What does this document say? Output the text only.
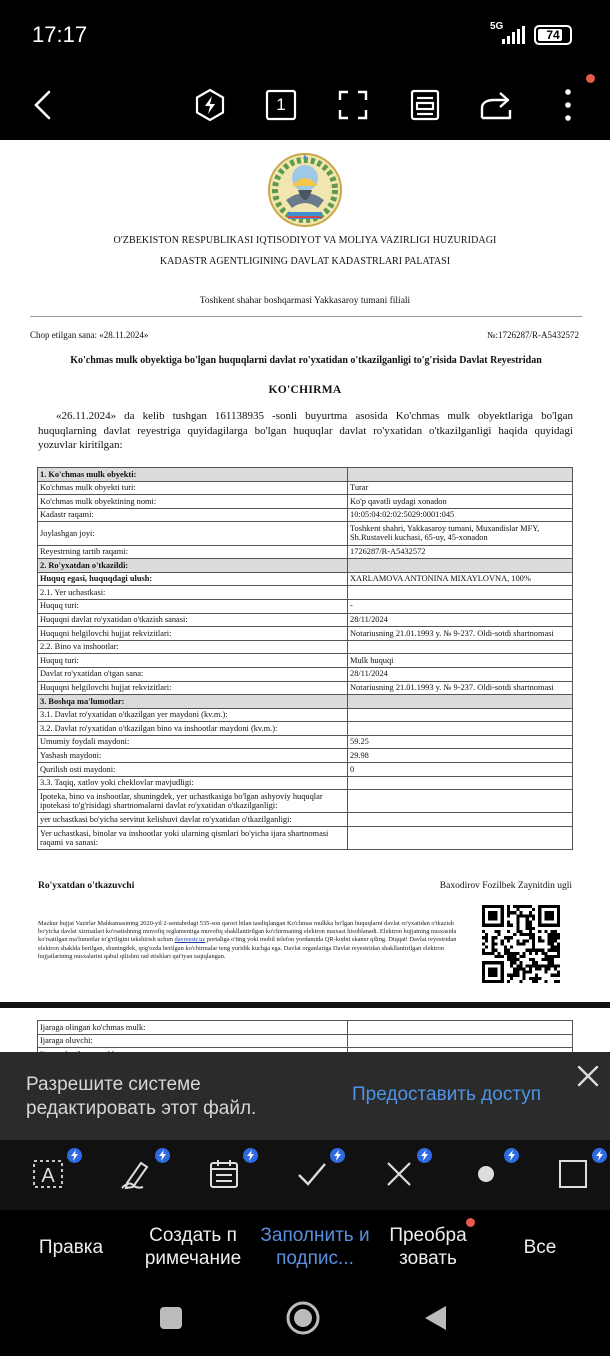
17:17	5G
74
1
O'ZBEKISTON RESPUBLIKASI IQTISODIYOT VA MOLIYA VAZIRLIGI HUZURIDAGI
KADASTR AGENTLIGINING DAVLAT KADASTRLARI PALATASI
Toshkent shahar boshqarmasi Yakkasaroy tumani filiali
Chop etilgan sana: «28.11.2024»	№:1726287/R-A5432572
Ko'chmas mulk obyektiga bo'lgan huquqlarni davlat ro'yxatidan o'tkazilganligi to'g'risida Davlat Reyestridan
KO'CHIRMA
«26.11.2024» da kelib tushgan 161138935 -sonli buyurtma asosida Ko'chmas mulk obyektlariga bo'lgan huquqlarning davlat reyestriga quyidagilarga bo'lgan huquqlar davlat ro'yxatidan o'tkazilganligi haqida quyidagi yozuvlar kiritilgan:
1. Ko'chmas mulk obyekti:	
Ko'chmas mulk obyekti turi:	Turar
Ko'chmas mulk obyektining nomi:	Ko'p qavatli uydagi xonadon
Kadastr raqami:	10:05:04:02:02:5029:0001:045
Joylashgan joyi:	Toshkent shahri, Yakkasaroy tumani, Muxandislar MFY, Sh.Rustaveli kuchasi, 65-uy, 45-xonadon
Reyestrning tartib raqami:	1726287/R-A5432572
2. Ro'yxatdan o'tkazildi:	
Huquq egasi, huquqdagi ulush:	XARLAMOVA ANTONINA MIXAYLOVNA, 100%
2.1. Yer uchastkasi:	
Huquq turi:	-
Huquqni davlat ro'yxatidan o'tkazish sanasi:	28/11/2024
Huquqni belgilovchi hujjat rekvizitlari:	Notariusning 21.01.1993 y. № 9-237. Oldi-sotdi shartnomasi
2.2. Bino va inshootlar:	
Huquq turi:	Mulk huquqi
Davlat ro'yxatidan o'tgan sana:	28/11/2024
Huquqni belgilovchi hujjat rekvizitlari:	Notariusning 21.01.1993 y. № 9-237. Oldi-sotdi shartnomasi
3. Boshqa ma'lumotlar:	
3.1. Davlat ro'yxatidan o'tkazilgan yer maydoni (kv.m.):	
3.2. Davlat ro'yxatidan o'tkazilgan bino va inshootlar maydoni (kv.m.):	
Umumiy foydali maydoni:	59.25
Yashash maydoni:	29.98
Qurilish osti maydoni:	0
3.3. Taqiq, xatlov yoki cheklovlar mavjudligi:	
Ipoteka, bino va inshootlar, shuningdek, yer uchastkasiga bo'lgan ashyoviy huquqlar ipotekasi to'g'risidagi shartnomalarni davlat ro'yxatidan o'tkazilganligi:	
yer uchastkasi bo'yicha servitut kelishuvi davlat ro'yxatidan o'tkazilganligi:	
Yer uchastkasi, binolar va inshootlar yoki ularning qismlari bo'yicha ijara shartnomasi raqami va sanasi:	
Ro'yxatdan o'tkazuvchi	Baxodirov Fozilbek Zaynitdin ugli
Mazkur hujjat Vazirlar Mahkamasining 2020-yil 2-sentabrdagi 535-son qarori bilan tasdiqlangan Ko'chmas mulkka bo'lgan huquqlarni davlat ro'yxatidan o'tkazish bo'yicha davlat xizmatlari ko'rsatishning muvofiq reglamentiga muvofiq shakllantirilgan ko'chirmaning elektron nusxasi hisoblanadi. Elektron hujjatning nusxasida ko'rsatilgan ma'lumotlar to'g'riligini tekshirish uchun davreestr.uz portaliga o'ting yoki mobil telefon yordamida QR-kodni skaner qiling. Diqqat! Davlat reyestridan elektron shaklda berilgan, shuningdek, qog'ozda berilgan ko'chirmalar teng yuridik kuchga ega. Davlat organlariga Davlat reyestridan shakllantirilgan elektron hujjatlarining nusxalarini qabul qilishni rad etishlari qat'iyan taqiqlangan.
Ijaraga olingan ko'chmas mulk:	
Ijaraga oluvchi:	

Разрешите системе редактировать этот файл.
Предоставить доступ
A
Правка
Создать п римечание
Заполнить и подпис...
Преобра зовать
Все
